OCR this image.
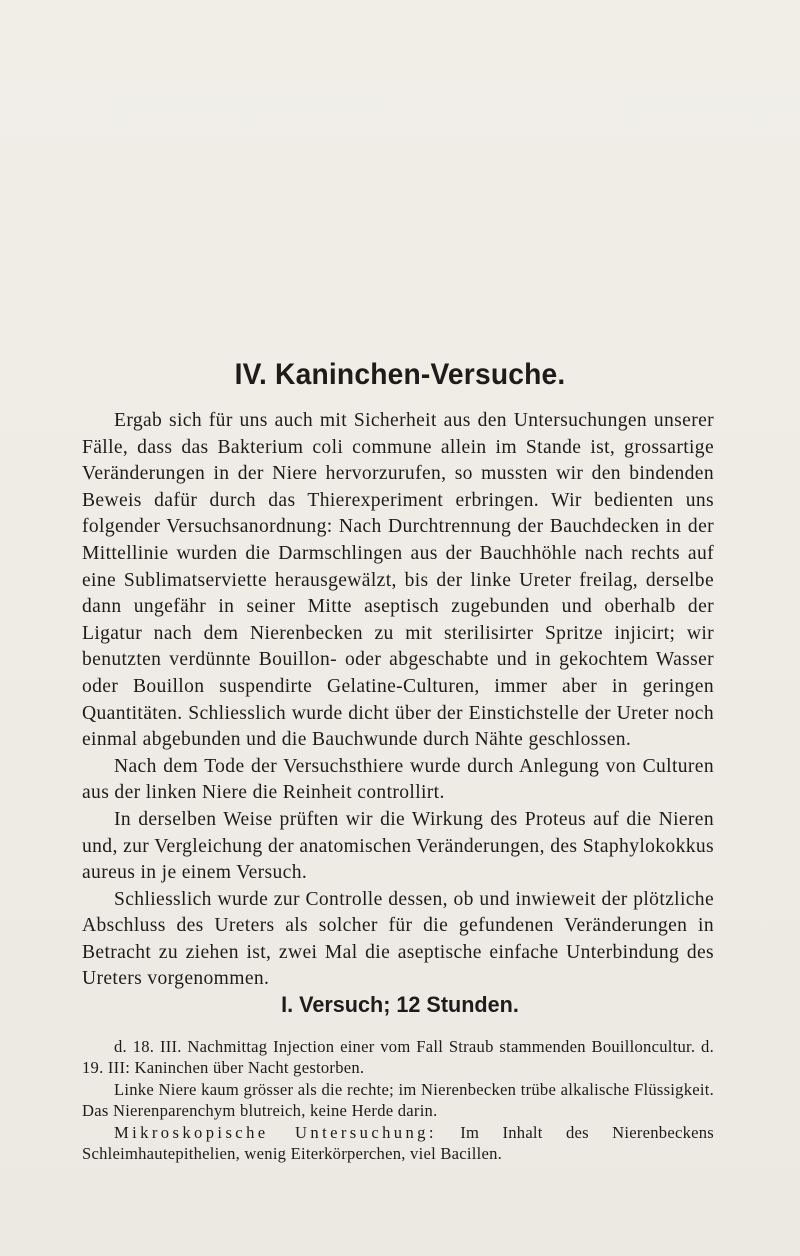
IV. Kaninchen-Versuche.

Ergab sich für uns auch mit Sicherheit aus den Untersuchungen unserer Fälle, dass das Bakterium coli commune allein im Stande ist, grossartige Veränderungen in der Niere hervorzurufen, so mussten wir den bindenden Beweis dafür durch das Thierexperiment erbringen. Wir bedienten uns folgender Versuchsanordnung: Nach Durchtrennung der Bauchdecken in der Mittellinie wurden die Darmschlingen aus der Bauchhöhle nach rechts auf eine Sublimatserviette herausgewälzt, bis der linke Ureter freilag, derselbe dann ungefähr in seiner Mitte aseptisch zugebunden und oberhalb der Ligatur nach dem Nierenbecken zu mit sterilisirter Spritze injicirt; wir benutzten verdünnte Bouillon- oder abgeschabte und in gekochtem Wasser oder Bouillon suspendirte Gelatine-Culturen, immer aber in geringen Quantitäten. Schliesslich wurde dicht über der Einstichstelle der Ureter noch einmal abgebunden und die Bauchwunde durch Nähte geschlossen.

Nach dem Tode der Versuchsthiere wurde durch Anlegung von Culturen aus der linken Niere die Reinheit controllirt.

In derselben Weise prüften wir die Wirkung des Proteus auf die Nieren und, zur Vergleichung der anatomischen Veränderungen, des Staphylokokkus aureus in je einem Versuch.

Schliesslich wurde zur Controlle dessen, ob und inwieweit der plötzliche Abschluss des Ureters als solcher für die gefundenen Veränderungen in Betracht zu ziehen ist, zwei Mal die aseptische einfache Unterbindung des Ureters vorgenommen.

I. Versuch; 12 Stunden.

d. 18. III. Nachmittag Injection einer vom Fall Straub stammenden Bouilloncultur. d. 19. III: Kaninchen über Nacht gestorben.

Linke Niere kaum grösser als die rechte; im Nierenbecken trübe alkalische Flüssigkeit. Das Nierenparenchym blutreich, keine Herde darin.

Mikroskopische Untersuchung: Im Inhalt des Nierenbeckens Schleimhautepithelien, wenig Eiterkörperchen, viel Bacillen.
